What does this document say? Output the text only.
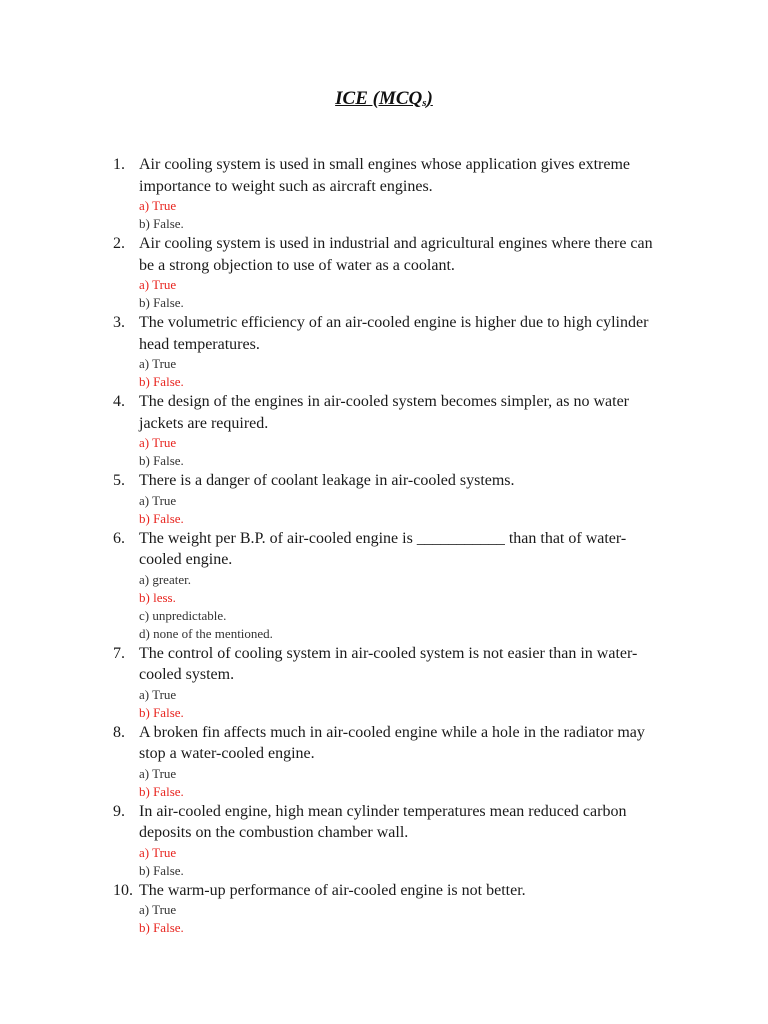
ICE $(MCQ_s)$
1. Air cooling system is used in small engines whose application gives extreme importance to weight such as aircraft engines.
a) True
b) False.
2. Air cooling system is used in industrial and agricultural engines where there can be a strong objection to use of water as a coolant.
a) True
b) False.
3. The volumetric efficiency of an air-cooled engine is higher due to high cylinder head temperatures.
a) True
b) False.
4. The design of the engines in air-cooled system becomes simpler, as no water jackets are required.
a) True
b) False.
5. There is a danger of coolant leakage in air-cooled systems.
a) True
b) False.
6. The weight per B.P. of air-cooled engine is ___________ than that of water-cooled engine.
a) greater.
b) less.
c) unpredictable.
d) none of the mentioned.
7. The control of cooling system in air-cooled system is not easier than in water-cooled system.
a) True
b) False.
8. A broken fin affects much in air-cooled engine while a hole in the radiator may stop a water-cooled engine.
a) True
b) False.
9. In air-cooled engine, high mean cylinder temperatures mean reduced carbon deposits on the combustion chamber wall.
a) True
b) False.
10. The warm-up performance of air-cooled engine is not better.
a) True
b) False.
